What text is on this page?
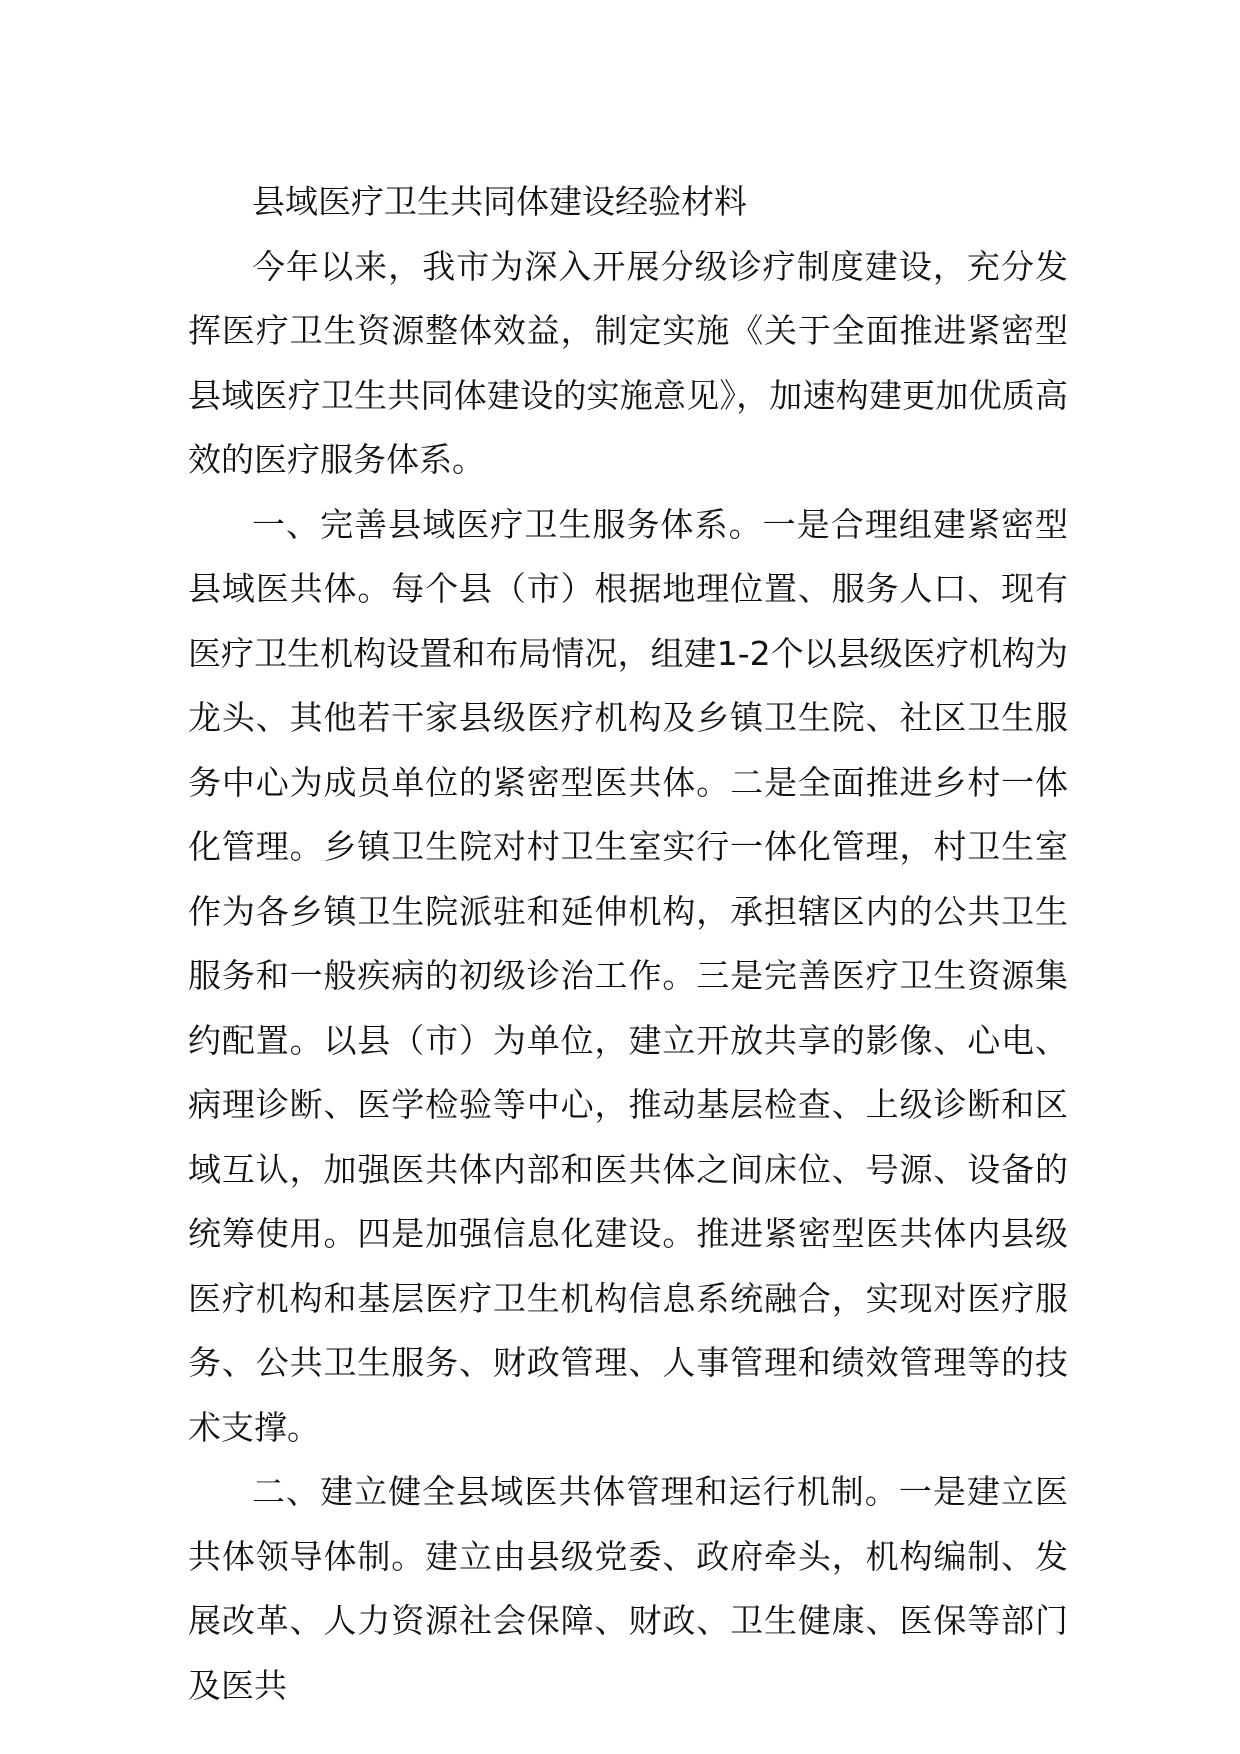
县域医疗卫生共同体建设经验材料

今年以来，我市为深入开展分级诊疗制度建设，充分发挥医疗卫生资源整体效益，制定实施《关于全面推进紧密型县域医疗卫生共同体建设的实施意见》，加速构建更加优质高效的医疗服务体系。

一、完善县域医疗卫生服务体系。一是合理组建紧密型县域医共体。每个县（市）根据地理位置、服务人口、现有医疗卫生机构设置和布局情况，组建1-2个以县级医疗机构为龙头、其他若干家县级医疗机构及乡镇卫生院、社区卫生服务中心为成员单位的紧密型医共体。二是全面推进乡村一体化管理。乡镇卫生院对村卫生室实行一体化管理，村卫生室作为各乡镇卫生院派驻和延伸机构，承担辖区内的公共卫生服务和一般疾病的初级诊治工作。三是完善医疗卫生资源集约配置。以县（市）为单位，建立开放共享的影像、心电、病理诊断、医学检验等中心，推动基层检查、上级诊断和区域互认，加强医共体内部和医共体之间床位、号源、设备的统筹使用。四是加强信息化建设。推进紧密型医共体内县级医疗机构和基层医疗卫生机构信息系统融合，实现对医疗服务、公共卫生服务、财政管理、人事管理和绩效管理等的技术支撑。

二、建立健全县域医共体管理和运行机制。一是建立医共体领导体制。建立由县级党委、政府牵头，机构编制、发展改革、人力资源社会保障、财政、卫生健康、医保等部门及医共
